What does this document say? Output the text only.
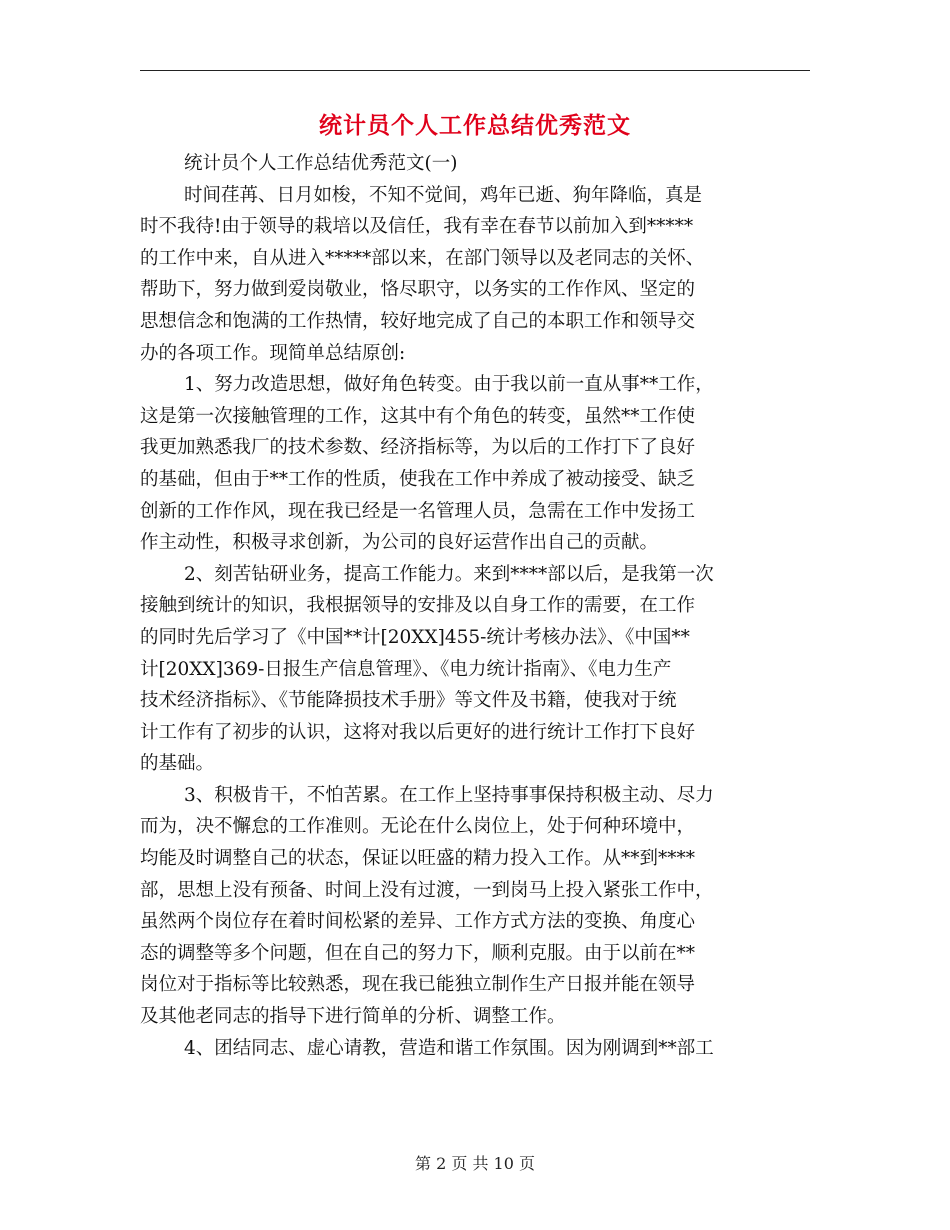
统计员个人工作总结优秀范文
统计员个人工作总结优秀范文(一)
时间荏苒、日月如梭，不知不觉间，鸡年已逝、狗年降临，真是
时不我待!由于领导的栽培以及信任，我有幸在春节以前加入到*****
的工作中来，自从进入*****部以来，在部门领导以及老同志的关怀、
帮助下，努力做到爱岗敬业，恪尽职守，以务实的工作作风、坚定的
思想信念和饱满的工作热情，较好地完成了自己的本职工作和领导交
办的各项工作。现简单总结原创:
1、努力改造思想，做好角色转变。由于我以前一直从事**工作，
这是第一次接触管理的工作，这其中有个角色的转变，虽然**工作使
我更加熟悉我厂的技术参数、经济指标等，为以后的工作打下了良好
的基础，但由于**工作的性质，使我在工作中养成了被动接受、缺乏
创新的工作作风，现在我已经是一名管理人员，急需在工作中发扬工
作主动性，积极寻求创新，为公司的良好运营作出自己的贡献。
2、刻苦钻研业务，提高工作能力。来到****部以后，是我第一次
接触到统计的知识，我根据领导的安排及以自身工作的需要，在工作
的同时先后学习了《中国**计[20XX]455-统计考核办法》、《中国**
计[20XX]369-日报生产信息管理》、《电力统计指南》、《电力生产
技术经济指标》、《节能降损技术手册》等文件及书籍，使我对于统
计工作有了初步的认识，这将对我以后更好的进行统计工作打下良好
的基础。
3、积极肯干，不怕苦累。在工作上坚持事事保持积极主动、尽力
而为，决不懈怠的工作准则。无论在什么岗位上，处于何种环境中，
均能及时调整自己的状态，保证以旺盛的精力投入工作。从**到****
部，思想上没有预备、时间上没有过渡，一到岗马上投入紧张工作中，
虽然两个岗位存在着时间松紧的差异、工作方式方法的变换、角度心
态的调整等多个问题，但在自己的努力下，顺利克服。由于以前在**
岗位对于指标等比较熟悉，现在我已能独立制作生产日报并能在领导
及其他老同志的指导下进行简单的分析、调整工作。
4、团结同志、虚心请教，营造和谐工作氛围。因为刚调到**部工
第 2 页 共 10 页
